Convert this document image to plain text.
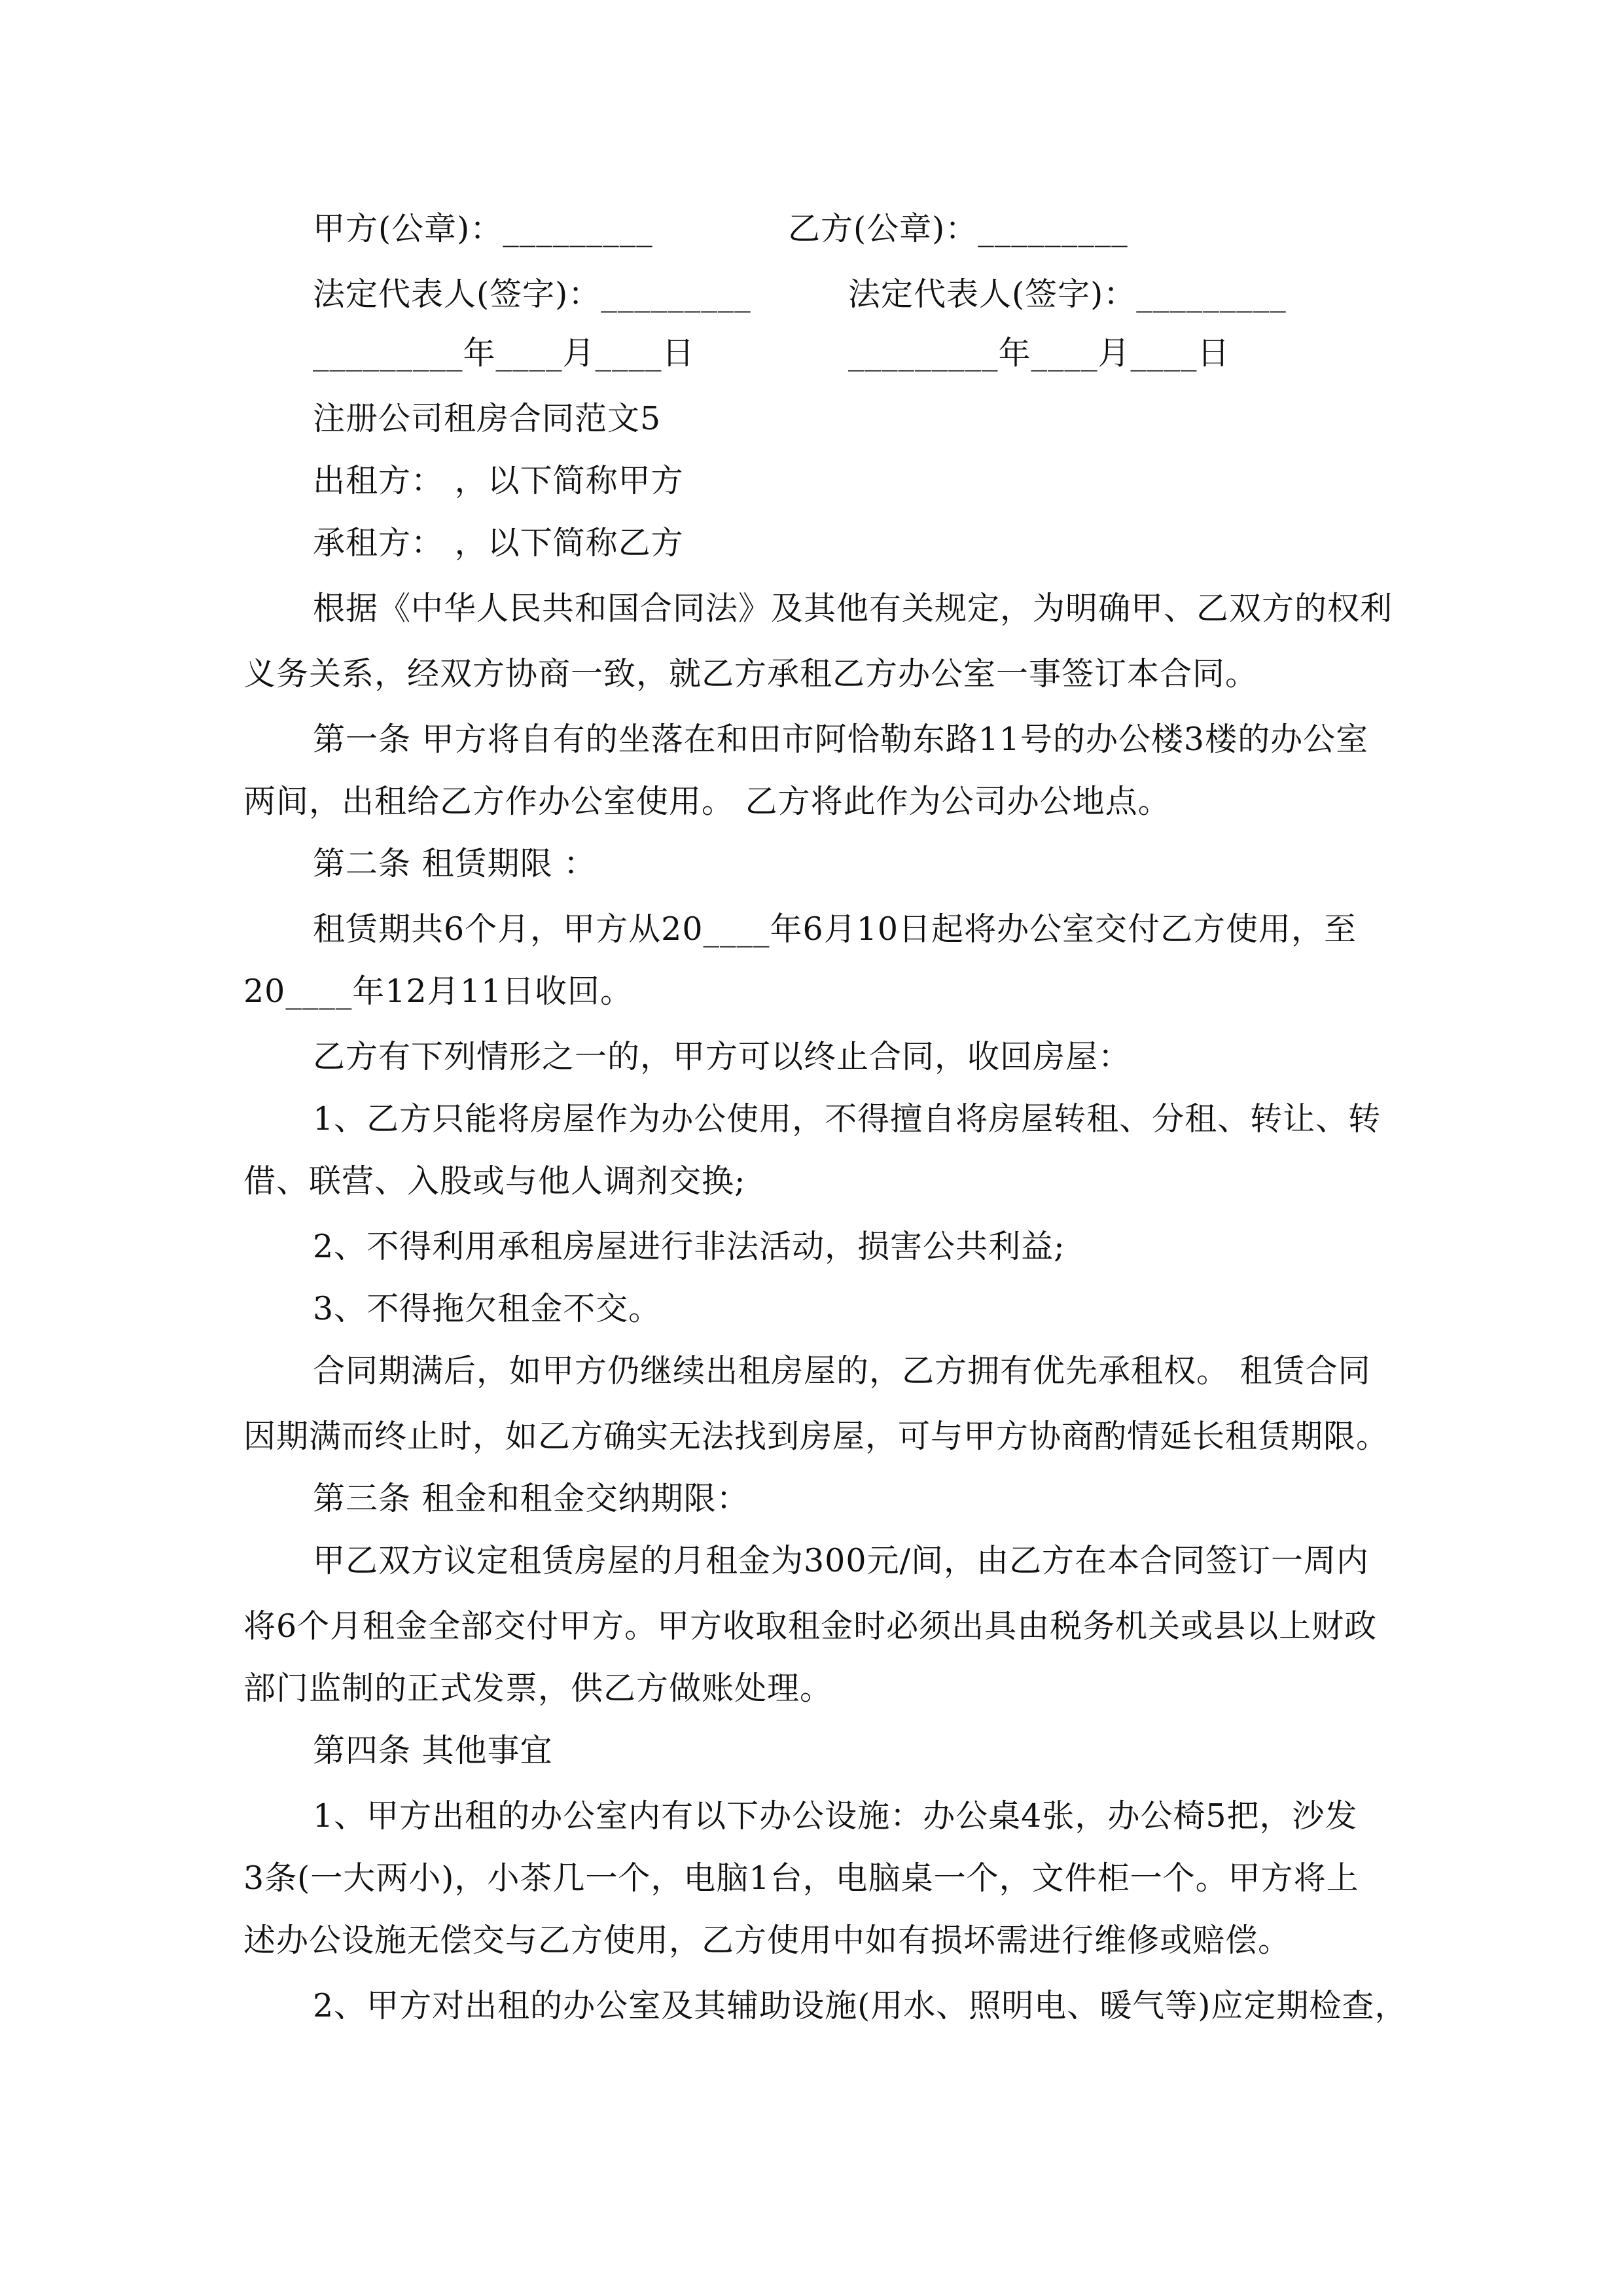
甲方(公章)：_________	乙方(公章)：_________
法定代表人(签字)：_________	法定代表人(签字)：_________
_________年____月____日	_________年____月____日
注册公司租房合同范文5
出租方： ，以下简称甲方
承租方： ，以下简称乙方
根据《中华人民共和国合同法》及其他有关规定，为明确甲、乙双方的权利
义务关系，经双方协商一致，就乙方承租乙方办公室一事签订本合同。
第一条 甲方将自有的坐落在和田市阿恰勒东路11号的办公楼3楼的办公室
两间，出租给乙方作办公室使用。 乙方将此作为公司办公地点。
第二条 租赁期限 ：
租赁期共6个月，甲方从20____年6月10日起将办公室交付乙方使用，至
20____年12月11日收回。
乙方有下列情形之一的，甲方可以终止合同，收回房屋：
1、乙方只能将房屋作为办公使用，不得擅自将房屋转租、分租、转让、转
借、联营、入股或与他人调剂交换;
2、不得利用承租房屋进行非法活动，损害公共利益;
3、不得拖欠租金不交。
合同期满后，如甲方仍继续出租房屋的，乙方拥有优先承租权。 租赁合同
因期满而终止时，如乙方确实无法找到房屋，可与甲方协商酌情延长租赁期限。
第三条 租金和租金交纳期限：
甲乙双方议定租赁房屋的月租金为300元/间，由乙方在本合同签订一周内
将6个月租金全部交付甲方。甲方收取租金时必须出具由税务机关或县以上财政
部门监制的正式发票，供乙方做账处理。
第四条 其他事宜
1、甲方出租的办公室内有以下办公设施：办公桌4张，办公椅5把，沙发
3条(一大两小)，小茶几一个，电脑1台，电脑桌一个，文件柜一个。甲方将上
述办公设施无偿交与乙方使用，乙方使用中如有损坏需进行维修或赔偿。
2、甲方对出租的办公室及其辅助设施(用水、照明电、暖气等)应定期检查，
